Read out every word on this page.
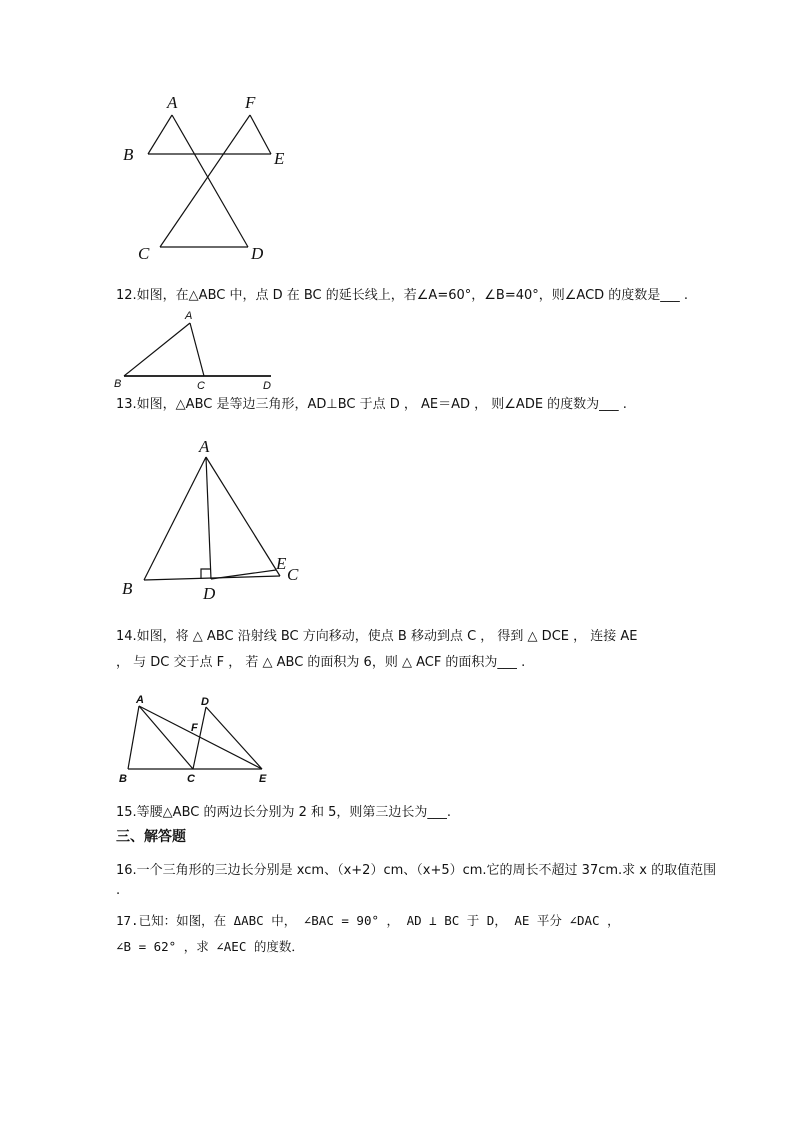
A	F
B	E
C	D
12.如图，在△ABC 中，点 D 在 BC 的延长线上，若∠A=60°，∠B=40°，则∠ACD 的度数是___ .
A
B	C	D
13.如图，△ABC 是等边三角形，AD⊥BC 于点 D ， AE＝AD ， 则∠ADE 的度数为___ .
A
B	D
E
C
14.如图，将 △ ABC 沿射线 BC 方向移动，使点 B 移动到点 C ， 得到 △ DCE ， 连接 AE
， 与 DC 交于点 F ， 若 △ ABC 的面积为 6，则 △ ACF 的面积为___ .
A	D
F
B	C	E
15.等腰△ABC 的两边长分别为 2 和 5，则第三边长为___.
三、解答题
16.一个三角形的三边长分别是 xcm、（x+2）cm、（x+5）cm.它的周长不超过 37cm.求 x 的取值范围
.
17.已知：如图，在 ΔABC 中， ∠BAC = 90° ， AD ⊥ BC 于 D， AE 平分 ∠DAC ，
∠B = 62° ，求 ∠AEC 的度数．
